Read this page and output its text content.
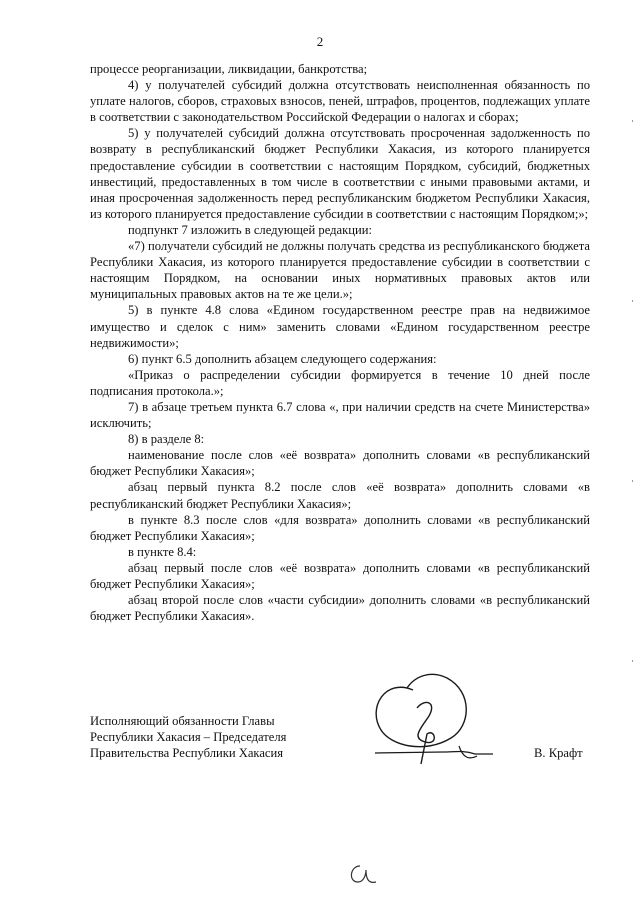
2

процессе реорганизации, ликвидации, банкротства;

4) у получателей субсидий должна отсутствовать неисполненная обязанность по уплате налогов, сборов, страховых взносов, пеней, штрафов, процентов, подлежащих уплате в соответствии с законодательством Российской Федерации о налогах и сборах;

5) у получателей субсидий должна отсутствовать просроченная задолженность по возврату в республиканский бюджет Республики Хакасия, из которого планируется предоставление субсидии в соответствии с настоящим Порядком, субсидий, бюджетных инвестиций, предоставленных в том числе в соответствии с иными правовыми актами, и иная просроченная задолженность перед республиканским бюджетом Республики Хакасия, из которого планируется предоставление субсидии в соответствии с настоящим Порядком;»;

подпункт 7 изложить в следующей редакции:

«7) получатели субсидий не должны получать средства из республиканского бюджета Республики Хакасия, из которого планируется предоставление субсидии в соответствии с настоящим Порядком, на основании иных нормативных правовых актов или муниципальных правовых актов на те же цели.»;

5) в пункте 4.8 слова «Едином государственном реестре прав на недвижимое имущество и сделок с ним» заменить словами «Едином государственном реестре недвижимости»;

6) пункт 6.5 дополнить абзацем следующего содержания:

«Приказ о распределении субсидии формируется в течение 10 дней после подписания протокола.»;

7) в абзаце третьем пункта 6.7 слова «, при наличии средств на счете Министерства» исключить;

8) в разделе 8:

наименование после слов «её возврата» дополнить словами «в республиканский бюджет Республики Хакасия»;

абзац первый пункта 8.2 после слов «её возврата» дополнить словами «в республиканский бюджет Республики Хакасия»;

в пункте 8.3 после слов «для возврата» дополнить словами «в республиканский бюджет Республики Хакасия»;

в пункте 8.4:

абзац первый после слов «её возврата» дополнить словами «в республиканский бюджет Республики Хакасия»;

абзац второй после слов «части субсидии» дополнить словами «в республиканский бюджет Республики Хакасия».

Исполняющий обязанности Главы
Республики Хакасия – Председателя
Правительства Республики Хакасия	В. Крафт
